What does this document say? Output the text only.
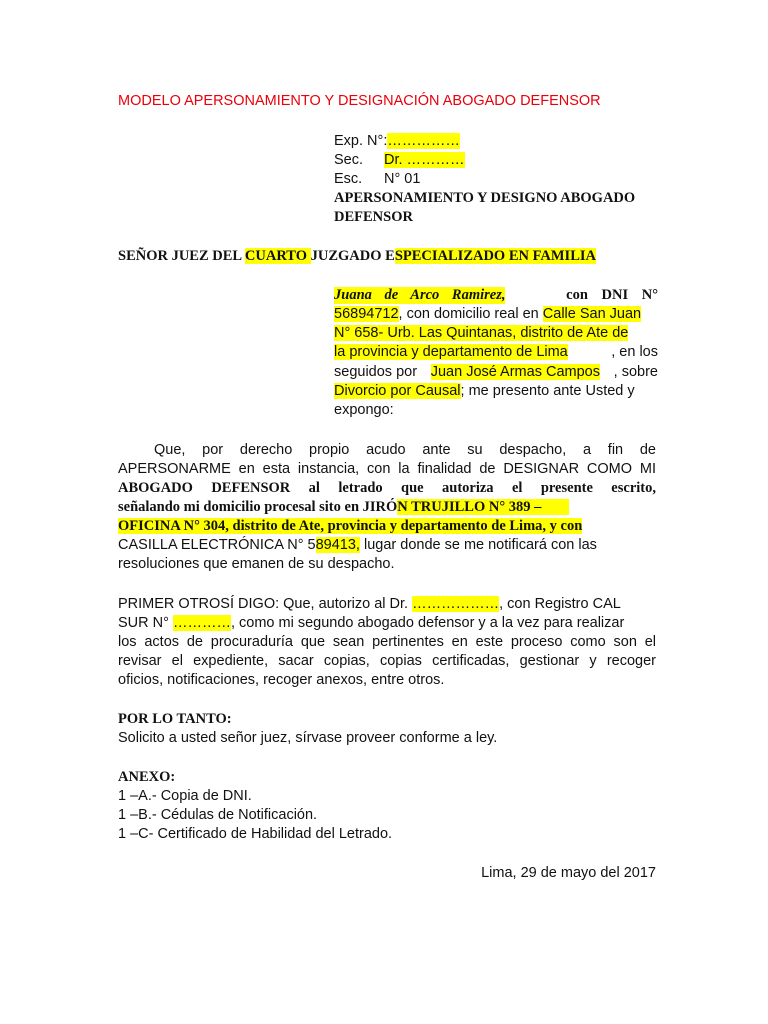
MODELO APERSONAMIENTO Y DESIGNACIÓN ABOGADO DEFENSOR
Exp. N°:……………
Sec. Dr. …………
Esc. N° 01
APERSONAMIENTO Y DESIGNO ABOGADO
DEFENSOR
SEÑOR JUEZ DEL CUARTO JUZGADO ESPECIALIZADO EN FAMILIA
Juana de Arco Ramirez,	con DNI N°
56894712, con domicilio real en Calle San Juan
N° 658- Urb. Las Quintanas, distrito de Ate de
la provincia y departamento de Lima	, en los
seguidos por Juan José Armas Campos , sobre
Divorcio por Causal; me presento ante Usted y
expongo:
Que, por derecho propio acudo ante su despacho, a fin de
APERSONARME en esta instancia, con la finalidad de DESIGNAR COMO MI
ABOGADO DEFENSOR al letrado que autoriza el presente escrito,
señalando mi domicilio procesal sito en JIRÓN TRUJILLO N° 389 –
OFICINA N° 304, distrito de Ate, provincia y departamento de Lima, y con
CASILLA ELECTRÓNICA N° 589413, lugar donde se me notificará con las
resoluciones que emanen de su despacho.
PRIMER OTROSÍ DIGO: Que, autorizo al Dr. ………………, con Registro CAL
SUR N° …………, como mi segundo abogado defensor y a la vez para realizar
los actos de procuraduría que sean pertinentes en este proceso como son el
revisar el expediente, sacar copias, copias certificadas, gestionar y recoger
oficios, notificaciones, recoger anexos, entre otros.
POR LO TANTO:
Solicito a usted señor juez, sírvase proveer conforme a ley.
ANEXO:
1 –A.- Copia de DNI.
1 –B.- Cédulas de Notificación.
1 –C- Certificado de Habilidad del Letrado.
Lima, 29 de mayo del 2017
